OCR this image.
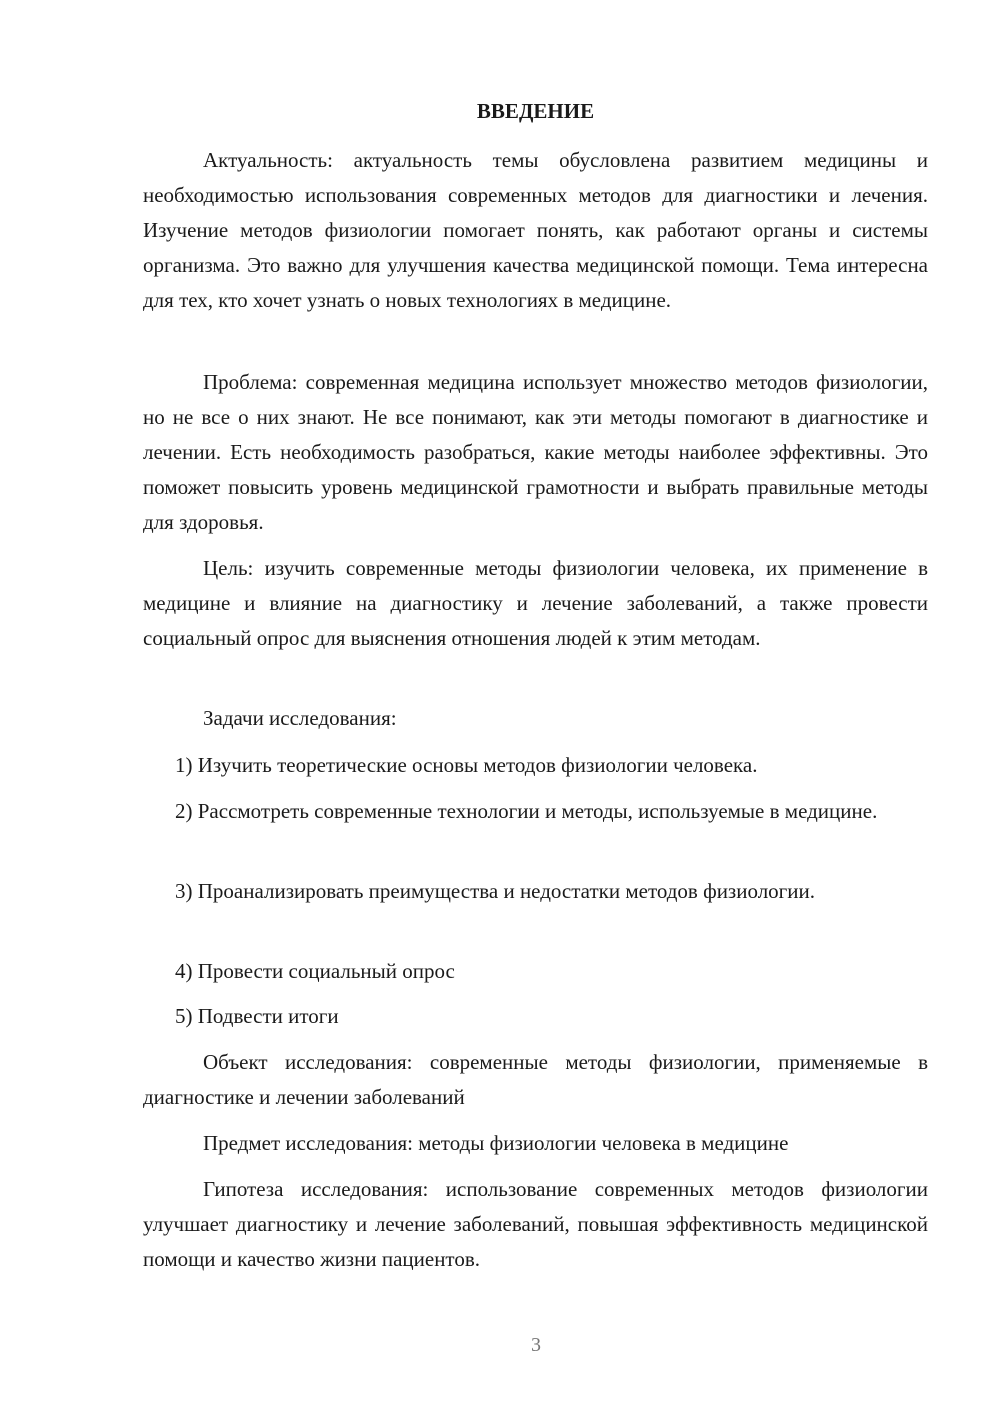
ВВЕДЕНИЕ

Актуальность: актуальность темы обусловлена развитием медицины и необходимостью использования современных методов для диагностики и лечения. Изучение методов физиологии помогает понять, как работают органы и системы организма. Это важно для улучшения качества медицинской помощи. Тема интересна для тех, кто хочет узнать о новых технологиях в медицине.

Проблема: современная медицина использует множество методов физиологии, но не все о них знают. Не все понимают, как эти методы помогают в диагностике и лечении. Есть необходимость разобраться, какие методы наиболее эффективны. Это поможет повысить уровень медицинской грамотности и выбрать правильные методы для здоровья.

Цель: изучить современные методы физиологии человека, их применение в медицине и влияние на диагностику и лечение заболеваний, а также провести социальный опрос для выяснения отношения людей к этим методам.

Задачи исследования:

1) Изучить теоретические основы методов физиологии человека.

2) Рассмотреть современные технологии и методы, используемые в медицине.

3) Проанализировать преимущества и недостатки методов физиологии.

4) Провести социальный опрос

5) Подвести итоги

Объект исследования: современные методы физиологии, применяемые в диагностике и лечении заболеваний

Предмет исследования: методы физиологии человека в медицине

Гипотеза исследования: использование современных методов физиологии улучшает диагностику и лечение заболеваний, повышая эффективность медицинской помощи и качество жизни пациентов.

3
